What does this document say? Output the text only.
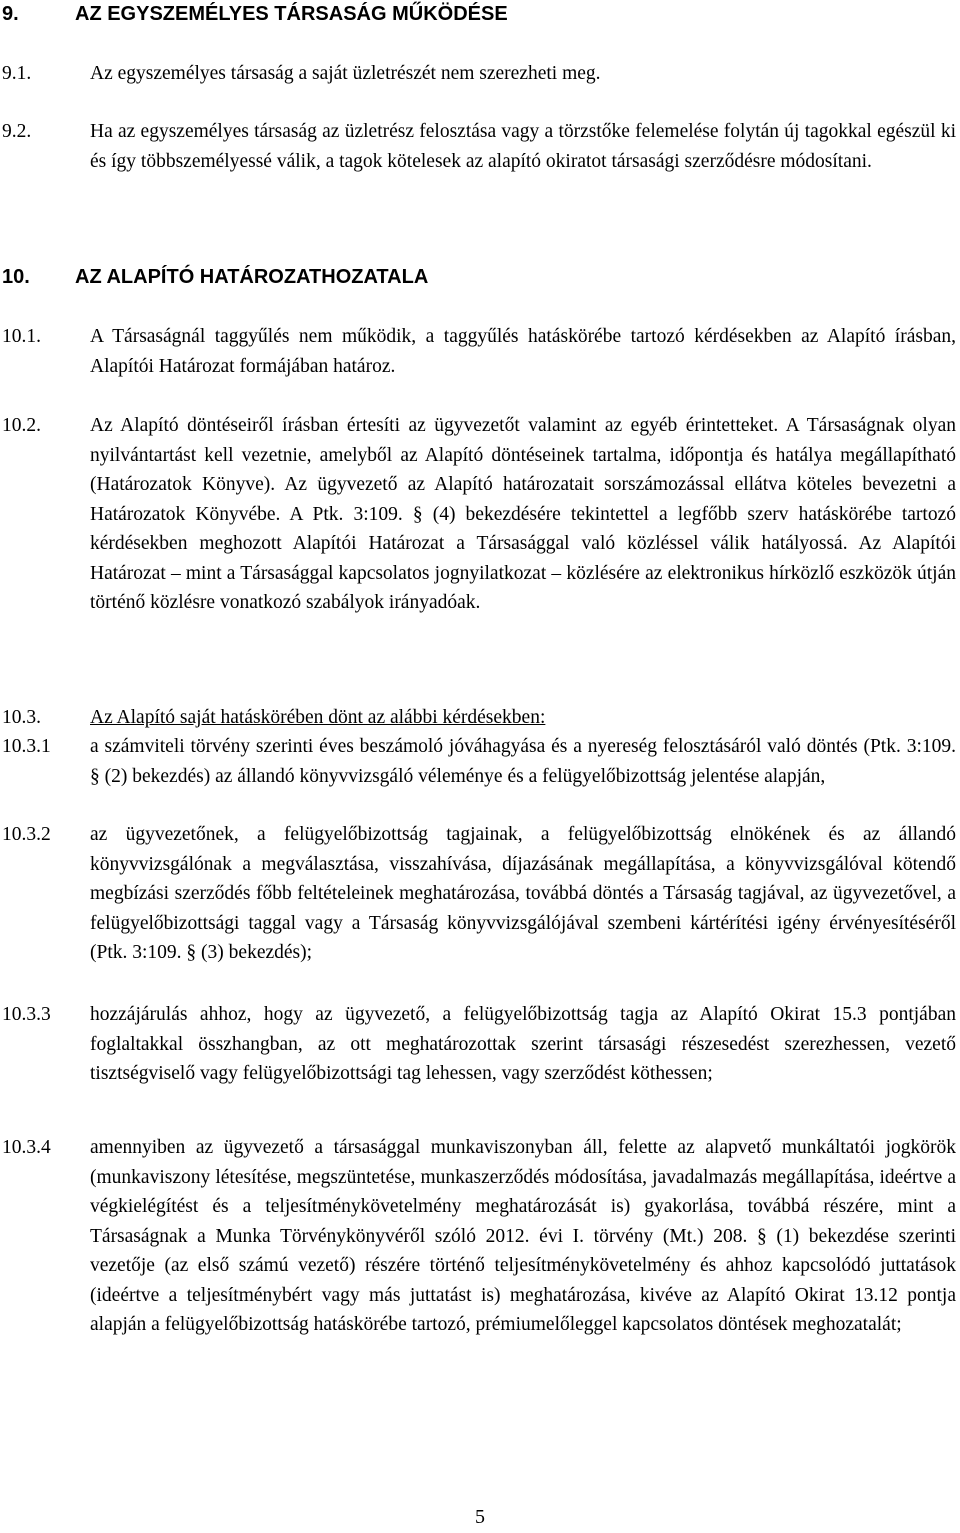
9.	AZ EGYSZEMÉLYES TÁRSASÁG MŰKÖDÉSE
9.1.	Az egyszemélyes társaság a saját üzletrészét nem szerezheti meg.
9.2.	Ha az egyszemélyes társaság az üzletrész felosztása vagy a törzstőke felemelése folytán új tagokkal egészül ki és így többszemélyessé válik, a tagok kötelesek az alapító okiratot társasági szerződésre módosítani.
10. AZ ALAPÍTÓ HATÁROZATHOZATALA
10.1.	A Társaságnál taggyűlés nem működik, a taggyűlés hatáskörébe tartozó kérdésekben az Alapító írásban, Alapítói Határozat formájában határoz.
10.2.	Az Alapító döntéseiről írásban értesíti az ügyvezetőt valamint az egyéb érintetteket. A Társaságnak olyan nyilvántartást kell vezetnie, amelyből az Alapító döntéseinek tartalma, időpontja és hatálya megállapítható (Határozatok Könyve). Az ügyvezető az Alapító határozatait sorszámozással ellátva köteles bevezetni a Határozatok Könyvébe. A Ptk. 3:109. § (4) bekezdésére tekintettel a legfőbb szerv hatáskörébe tartozó kérdésekben meghozott Alapítói Határozat a Társasággal való közléssel válik hatályossá. Az Alapítói Határozat – mint a Társasággal kapcsolatos jognyilatkozat – közlésére az elektronikus hírközlő eszközök útján történő közlésre vonatkozó szabályok irányadóak.
10.3.	Az Alapító saját hatáskörében dönt az alábbi kérdésekben:
10.3.1 a számviteli törvény szerinti éves beszámoló jóváhagyása és a nyereség felosztásáról való döntés (Ptk. 3:109. § (2) bekezdés) az állandó könyvvizsgáló véleménye és a felügyelőbizottság jelentése alapján,
10.3.2 az ügyvezetőnek, a felügyelőbizottság tagjainak, a felügyelőbizottság elnökének és az állandó könyvvizsgálónak a megválasztása, visszahívása, díjazásának megállapítása, a könyvvizsgálóval kötendő megbízási szerződés főbb feltételeinek meghatározása, továbbá döntés a Társaság tagjával, az ügyvezetővel, a felügyelőbizottsági taggal vagy a Társaság könyvvizsgálójával szembeni kártérítési igény érvényesítéséről (Ptk. 3:109. § (3) bekezdés);
10.3.3 hozzájárulás ahhoz, hogy az ügyvezető, a felügyelőbizottság tagja az Alapító Okirat 15.3 pontjában foglaltakkal összhangban, az ott meghatározottak szerint társasági részesedést szerezhessen, vezető tisztségviselő vagy felügyelőbizottsági tag lehessen, vagy szerződést köthessen;
10.3.4 amennyiben az ügyvezető a társasággal munkaviszonyban áll, felette az alapvető munkáltatói jogkörök (munkaviszony létesítése, megszüntetése, munkaszerződés módosítása, javadalmazás megállapítása, ideértve a végkielégítést és a teljesítménykövetelmény meghatározását is) gyakorlása, továbbá részére, mint a Társaságnak a Munka Törvénykönyvéről szóló 2012. évi I. törvény (Mt.) 208. § (1) bekezdése szerinti vezetője (az első számú vezető) részére történő teljesítménykövetelmény és ahhoz kapcsolódó juttatások (ideértve a teljesítménybért vagy más juttatást is) meghatározása, kivéve az Alapító Okirat 13.12 pontja alapján a felügyelőbizottság hatáskörébe tartozó, prémiumelőleggel kapcsolatos döntések meghozatalát;
5
